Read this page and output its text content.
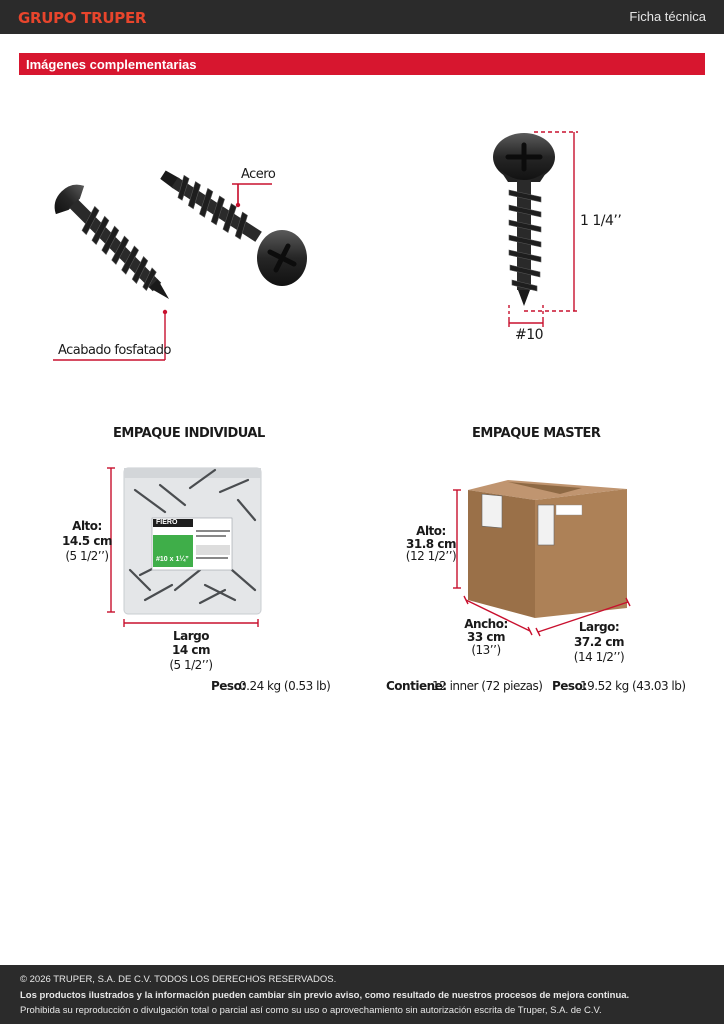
GRUPO TRUPER	Ficha técnica
Imágenes complementarias
Acero
Acabado fosfatado
1 1/4’’
#10
EMPAQUE INDIVIDUAL
FIERO
#10 x 1¼”
Alto:
14.5 cm
(5 1/2’’)
Largo
14 cm
(5 1/2’’)
Peso:
0.24 kg (0.53 lb)
EMPAQUE MASTER
Alto:
31.8 cm
(12 1/2’’)
Ancho:
33 cm
(13’’)
Largo:
37.2 cm
(14 1/2’’)
Contiene:
12 inner (72 piezas) Peso:
19.52 kg (43.03 lb)
© 2026 TRUPER, S.A. DE C.V. TODOS LOS DERECHOS RESERVADOS.
Los productos ilustrados y la información pueden cambiar sin previo aviso, como resultado de nuestros procesos de mejora continua.
Prohibida su reproducción o divulgación total o parcial así como su uso o aprovechamiento sin autorización escrita de Truper, S.A. de C.V.
